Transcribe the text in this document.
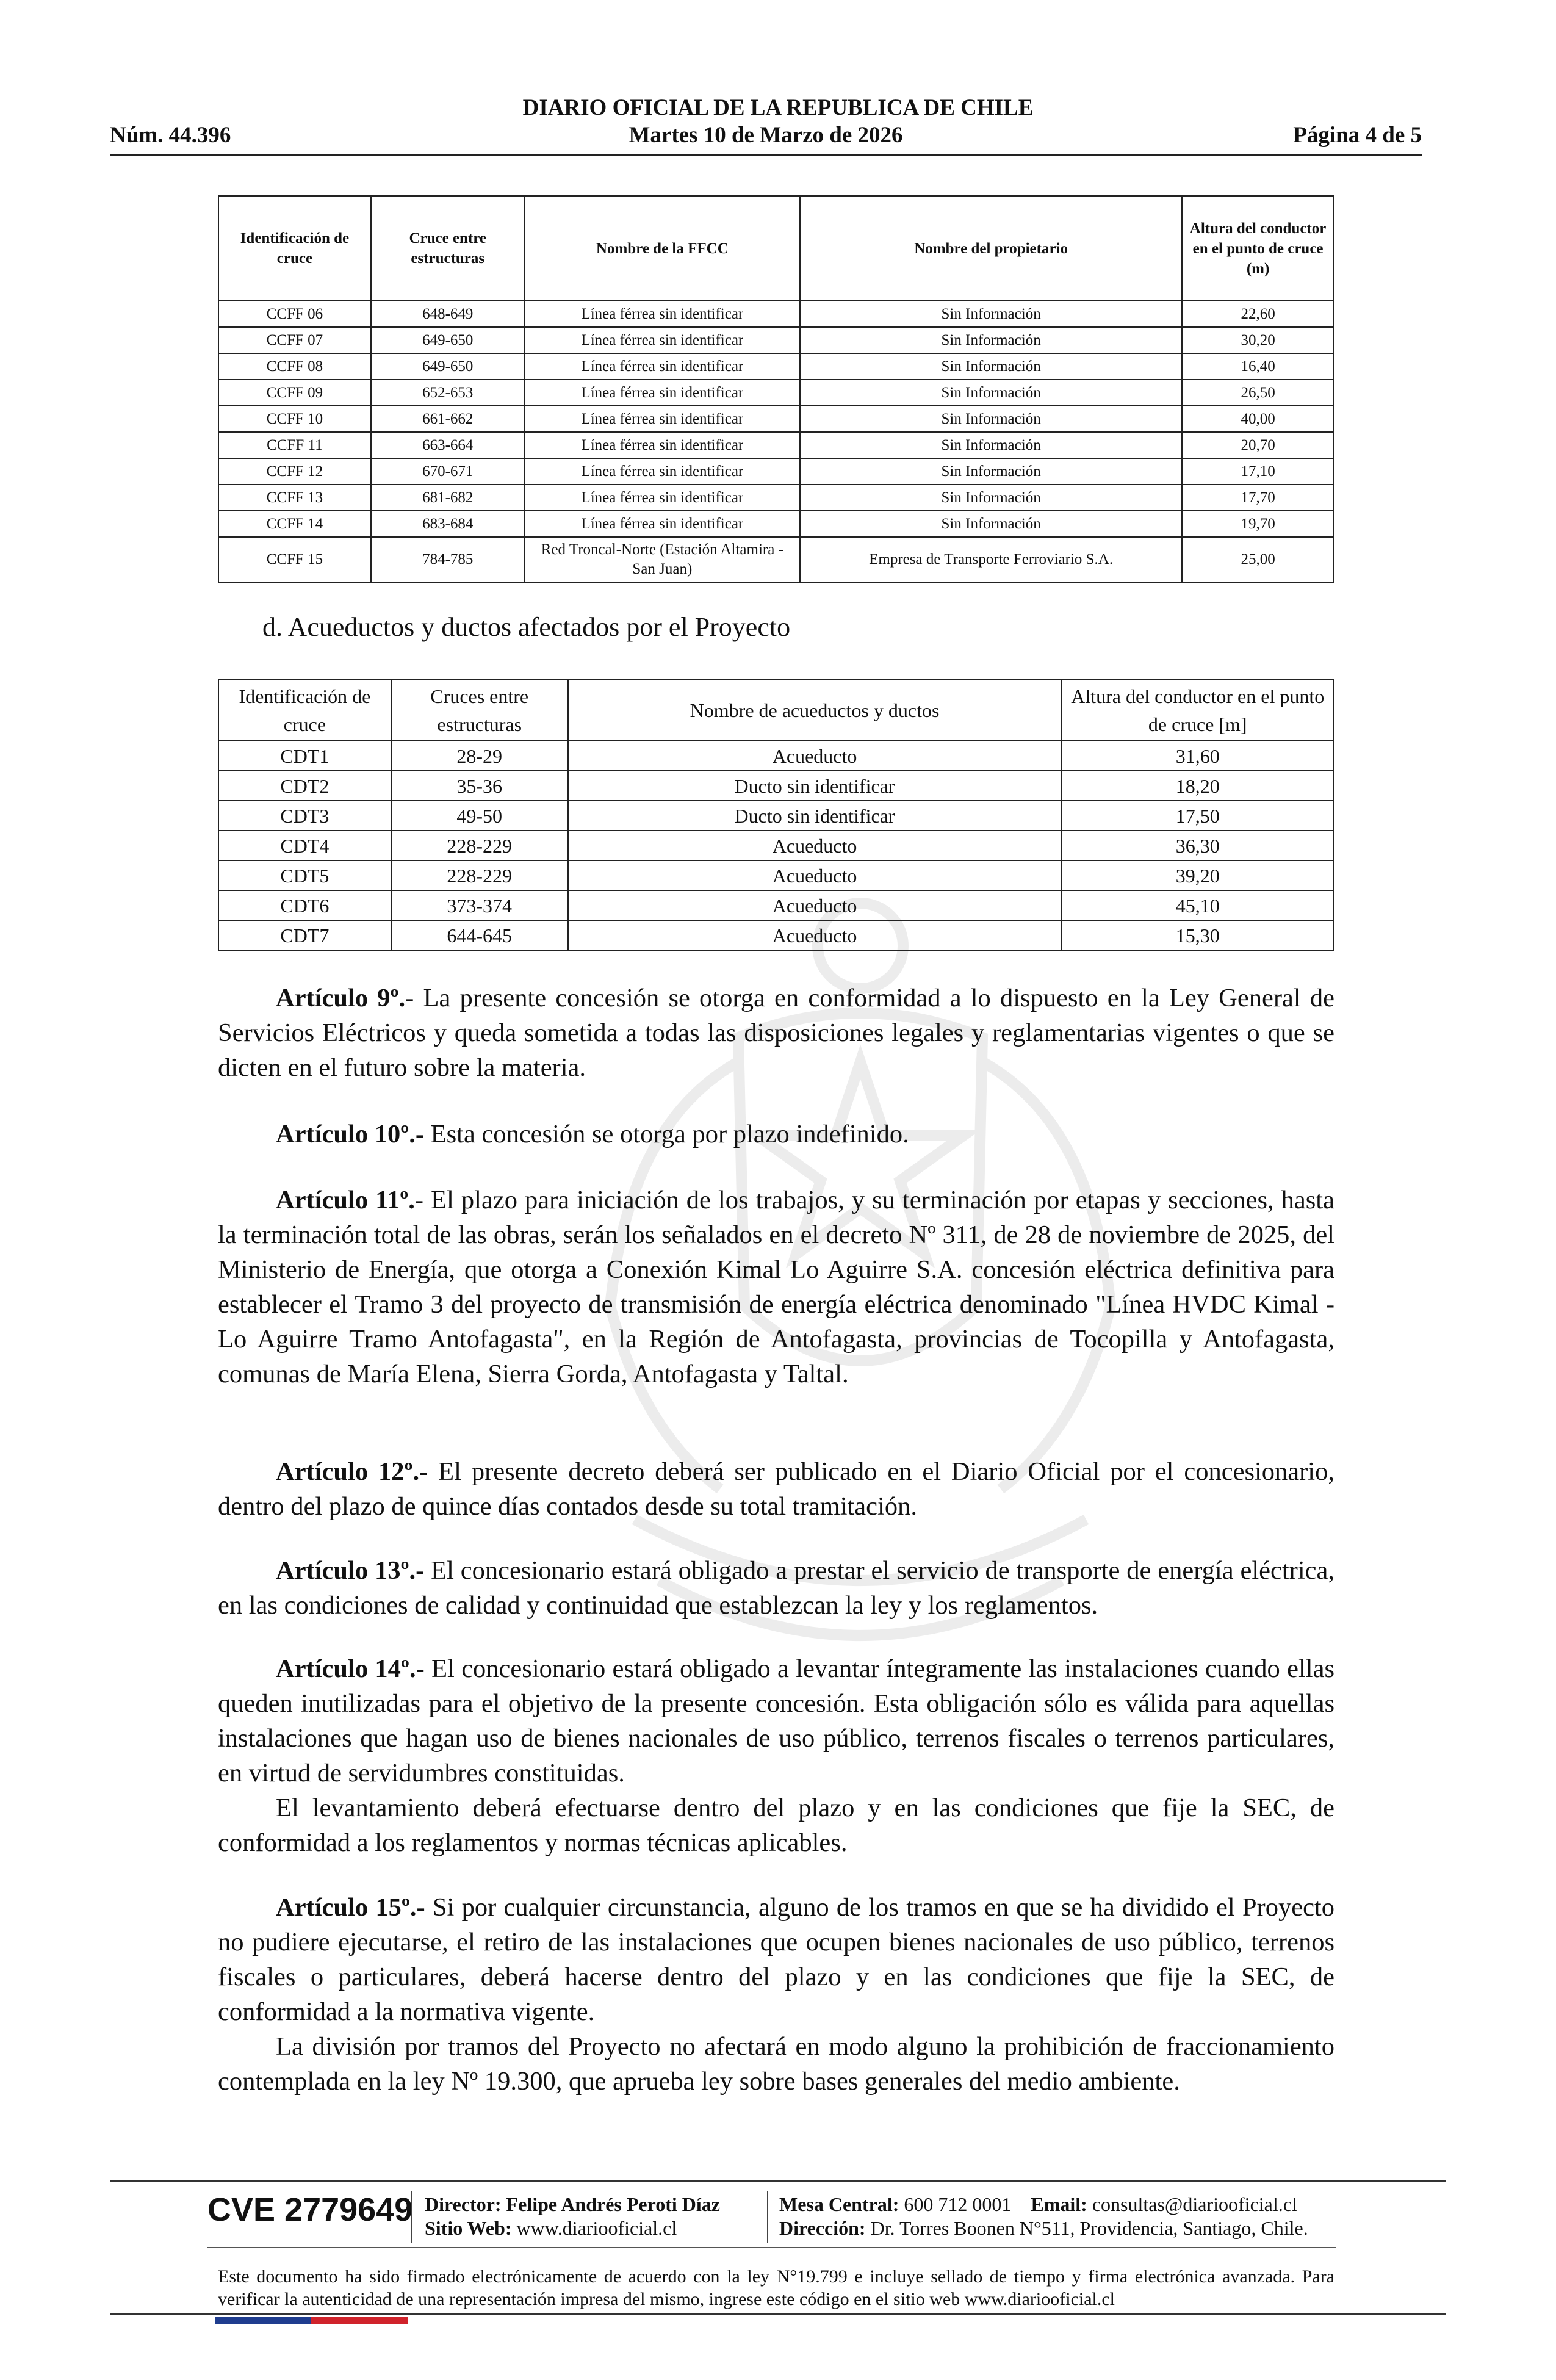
DIARIO OFICIAL DE LA REPUBLICA DE CHILE
Núm. 44.396	Martes 10 de Marzo de 2026	Página 4 de 5
Identificación de cruce	Cruce entre estructuras	Nombre de la FFCC	Nombre del propietario	Altura del conductor en el punto de cruce (m)
CCFF 06	648-649	Línea férrea sin identificar	Sin Información	22,60
CCFF 07	649-650	Línea férrea sin identificar	Sin Información	30,20
CCFF 08	649-650	Línea férrea sin identificar	Sin Información	16,40
CCFF 09	652-653	Línea férrea sin identificar	Sin Información	26,50
CCFF 10	661-662	Línea férrea sin identificar	Sin Información	40,00
CCFF 11	663-664	Línea férrea sin identificar	Sin Información	20,70
CCFF 12	670-671	Línea férrea sin identificar	Sin Información	17,10
CCFF 13	681-682	Línea férrea sin identificar	Sin Información	17,70
CCFF 14	683-684	Línea férrea sin identificar	Sin Información	19,70
CCFF 15	784-785	Red Troncal-Norte (Estación Altamira - San Juan)	Empresa de Transporte Ferroviario S.A.	25,00
d. Acueductos y ductos afectados por el Proyecto
Identificación de cruce	Cruces entre estructuras	Nombre de acueductos y ductos	Altura del conductor en el punto de cruce [m]
CDT1	28-29	Acueducto	31,60
CDT2	35-36	Ducto sin identificar	18,20
CDT3	49-50	Ducto sin identificar	17,50
CDT4	228-229	Acueducto	36,30
CDT5	228-229	Acueducto	39,20
CDT6	373-374	Acueducto	45,10
CDT7	644-645	Acueducto	15,30

Artículo 9º.- La presente concesión se otorga en conformidad a lo dispuesto en la Ley General de Servicios Eléctricos y queda sometida a todas las disposiciones legales y reglamentarias vigentes o que se dicten en el futuro sobre la materia.

Artículo 10º.- Esta concesión se otorga por plazo indefinido.

Artículo 11º.- El plazo para iniciación de los trabajos, y su terminación por etapas y secciones, hasta la terminación total de las obras, serán los señalados en el decreto Nº 311, de 28 de noviembre de 2025, del Ministerio de Energía, que otorga a Conexión Kimal Lo Aguirre S.A. concesión eléctrica definitiva para establecer el Tramo 3 del proyecto de transmisión de energía eléctrica denominado "Línea HVDC Kimal - Lo Aguirre Tramo Antofagasta", en la Región de Antofagasta, provincias de Tocopilla y Antofagasta, comunas de María Elena, Sierra Gorda, Antofagasta y Taltal.

Artículo 12º.- El presente decreto deberá ser publicado en el Diario Oficial por el concesionario, dentro del plazo de quince días contados desde su total tramitación.

Artículo 13º.- El concesionario estará obligado a prestar el servicio de transporte de energía eléctrica, en las condiciones de calidad y continuidad que establezcan la ley y los reglamentos.

Artículo 14º.- El concesionario estará obligado a levantar íntegramente las instalaciones cuando ellas queden inutilizadas para el objetivo de la presente concesión. Esta obligación sólo es válida para aquellas instalaciones que hagan uso de bienes nacionales de uso público, terrenos fiscales o terrenos particulares, en virtud de servidumbres constituidas.

El levantamiento deberá efectuarse dentro del plazo y en las condiciones que fije la SEC, de conformidad a los reglamentos y normas técnicas aplicables.

Artículo 15º.- Si por cualquier circunstancia, alguno de los tramos en que se ha dividido el Proyecto no pudiere ejecutarse, el retiro de las instalaciones que ocupen bienes nacionales de uso público, terrenos fiscales o particulares, deberá hacerse dentro del plazo y en las condiciones que fije la SEC, de conformidad a la normativa vigente.

La división por tramos del Proyecto no afectará en modo alguno la prohibición de fraccionamiento contemplada en la ley Nº 19.300, que aprueba ley sobre bases generales del medio ambiente.

CVE 2779649 Director: Felipe Andrés Peroti Díaz
Sitio Web: www.diariooficial.cl
Mesa Central: 600 712 0001 Email: consultas@diariooficial.cl
Dirección: Dr. Torres Boonen N°511, Providencia, Santiago, Chile.
Este documento ha sido firmado electrónicamente de acuerdo con la ley N°19.799 e incluye sellado de tiempo y firma electrónica avanzada. Para verificar la autenticidad de una representación impresa del mismo, ingrese este código en el sitio web www.diariooficial.cl
